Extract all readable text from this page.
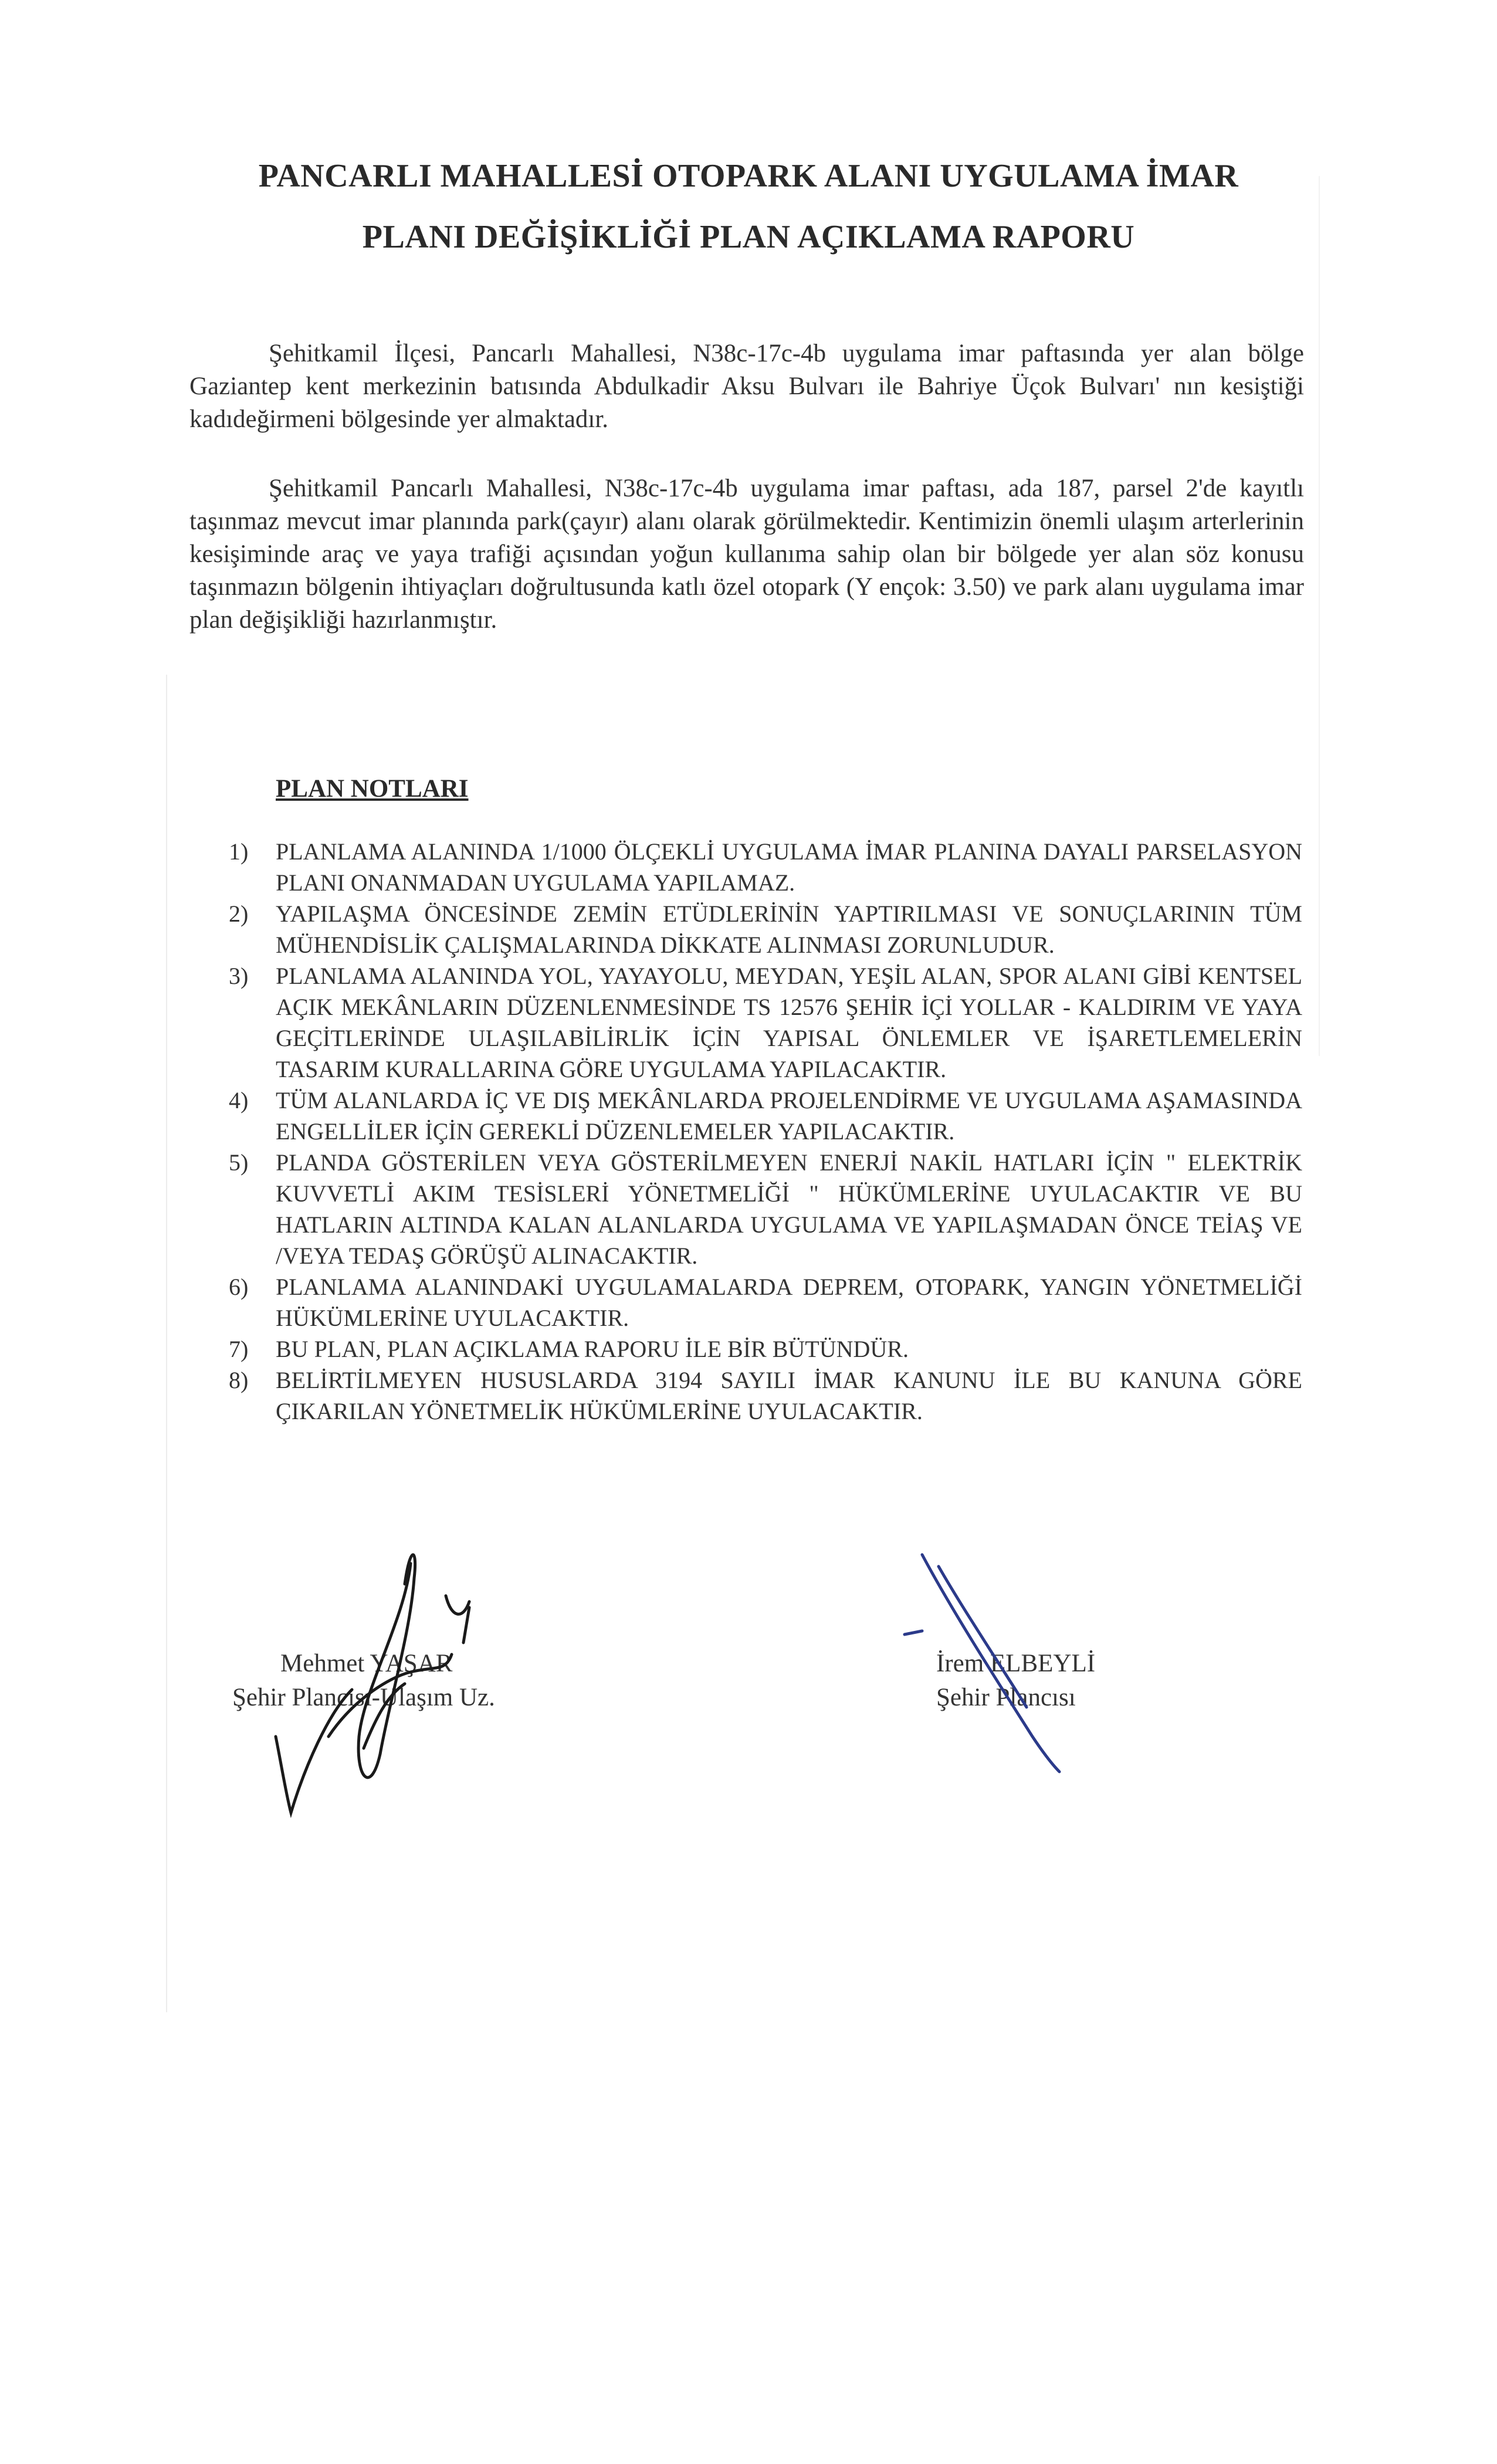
PANCARLI MAHALLESİ OTOPARK ALANI UYGULAMA İMAR
PLANI DEĞİŞİKLİĞİ PLAN AÇIKLAMA RAPORU
Şehitkamil İlçesi, Pancarlı Mahallesi, N38c-17c-4b uygulama imar paftasında yer alan bölge Gaziantep kent merkezinin batısında Abdulkadir Aksu Bulvarı ile Bahriye Üçok Bulvarı' nın kesiştiği kadıdeğirmeni bölgesinde yer almaktadır.
Şehitkamil Pancarlı Mahallesi, N38c-17c-4b uygulama imar paftası, ada 187, parsel 2'de kayıtlı taşınmaz mevcut imar planında park(çayır) alanı olarak görülmektedir. Kentimizin önemli ulaşım arterlerinin kesişiminde araç ve yaya trafiği açısından yoğun kullanıma sahip olan bir bölgede yer alan söz konusu taşınmazın bölgenin ihtiyaçları doğrultusunda katlı özel otopark (Y ençok: 3.50) ve park alanı uygulama imar plan değişikliği hazırlanmıştır.
PLAN NOTLARI
1) PLANLAMA ALANINDA 1/1000 ÖLÇEKLİ UYGULAMA İMAR PLANINA DAYALI PARSELASYON PLANI ONANMADAN UYGULAMA YAPILAMAZ.
2) YAPILAŞMA ÖNCESİNDE ZEMİN ETÜDLERİNİN YAPTIRILMASI VE SONUÇLARININ TÜM MÜHENDİSLİK ÇALIŞMALARINDA DİKKATE ALINMASI ZORUNLUDUR.
3) PLANLAMA ALANINDA YOL, YAYAYOLU, MEYDAN, YEŞİL ALAN, SPOR ALANI GİBİ KENTSEL AÇIK MEKÂNLARIN DÜZENLENMESİNDE TS 12576 ŞEHİR İÇİ YOLLAR - KALDIRIM VE YAYA GEÇİTLERİNDE ULAŞILABİLİRLİK İÇİN YAPISAL ÖNLEMLER VE İŞARETLEMELERİN TASARIM KURALLARINA GÖRE UYGULAMA YAPILACAKTIR.
4) TÜM ALANLARDA İÇ VE DIŞ MEKÂNLARDA PROJELENDİRME VE UYGULAMA AŞAMASINDA ENGELLİLER İÇİN GEREKLİ DÜZENLEMELER YAPILACAKTIR.
5) PLANDA GÖSTERİLEN VEYA GÖSTERİLMEYEN ENERJİ NAKİL HATLARI İÇİN " ELEKTRİK KUVVETLİ AKIM TESİSLERİ YÖNETMELİĞİ " HÜKÜMLERİNE UYULACAKTIR VE BU HATLARIN ALTINDA KALAN ALANLARDA UYGULAMA VE YAPILAŞMADAN ÖNCE TEİAŞ VE /VEYA TEDAŞ GÖRÜŞÜ ALINACAKTIR.
6) PLANLAMA ALANINDAKİ UYGULAMALARDA DEPREM, OTOPARK, YANGIN YÖNETMELİĞİ HÜKÜMLERİNE UYULACAKTIR.
7) BU PLAN, PLAN AÇIKLAMA RAPORU İLE BİR BÜTÜNDÜR.
8) BELİRTİLMEYEN HUSUSLARDA 3194 SAYILI İMAR KANUNU İLE BU KANUNA GÖRE ÇIKARILAN YÖNETMELİK HÜKÜMLERİNE UYULACAKTIR.
Mehmet YAŞAR
Şehir Plancısı-Ulaşım Uz.
İrem ELBEYLİ
Şehir Plancısı
